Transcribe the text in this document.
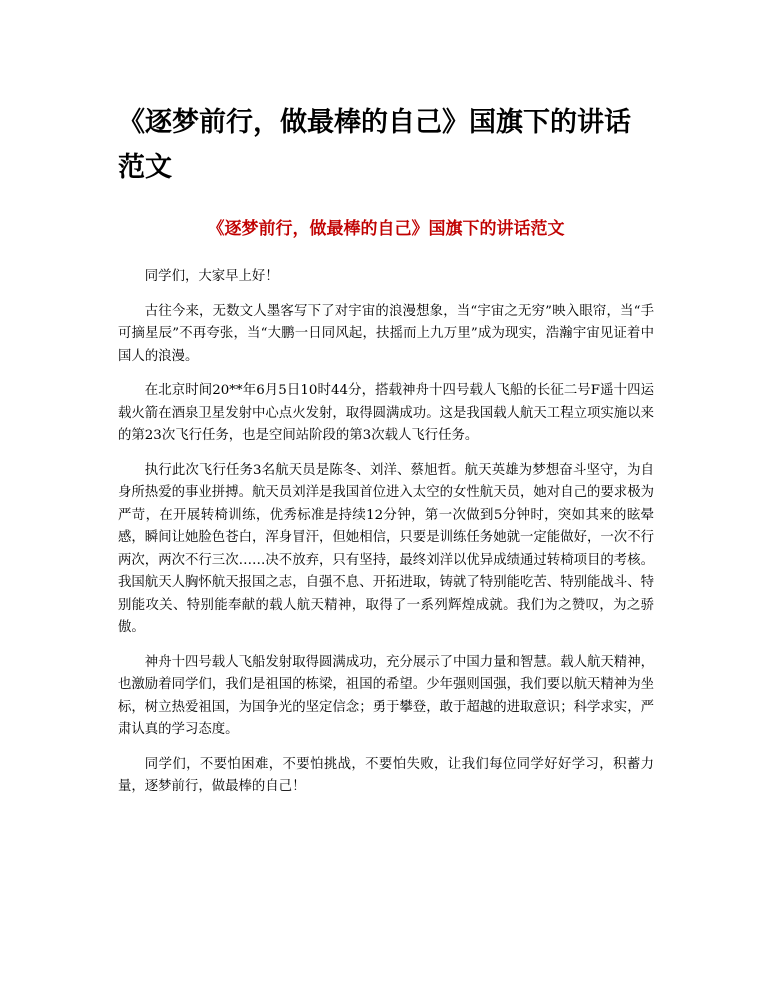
《逐梦前行，做最棒的自己》国旗下的讲话范文
《逐梦前行，做最棒的自己》国旗下的讲话范文

同学们，大家早上好！

古往今来，无数文人墨客写下了对宇宙的浪漫想象，当“宇宙之无穷”映入眼帘，当“手可摘星辰”不再夸张，当“大鹏一日同风起，扶摇而上九万里”成为现实，浩瀚宇宙见证着中国人的浪漫。

在北京时间20**年6月5日10时44分，搭载神舟十四号载人飞船的长征二号F遥十四运载火箭在酒泉卫星发射中心点火发射，取得圆满成功。这是我国载人航天工程立项实施以来的第23次飞行任务，也是空间站阶段的第3次载人飞行任务。

执行此次飞行任务3名航天员是陈冬、刘洋、蔡旭哲。航天英雄为梦想奋斗坚守，为自身所热爱的事业拼搏。航天员刘洋是我国首位进入太空的女性航天员，她对自己的要求极为严苛，在开展转椅训练，优秀标准是持续12分钟，第一次做到5分钟时，突如其来的眩晕感，瞬间让她脸色苍白，浑身冒汗，但她相信，只要是训练任务她就一定能做好，一次不行两次，两次不行三次……决不放弃，只有坚持，最终刘洋以优异成绩通过转椅项目的考核。我国航天人胸怀航天报国之志，自强不息、开拓进取，铸就了特别能吃苦、特别能战斗、特别能攻关、特别能奉献的载人航天精神，取得了一系列辉煌成就。我们为之赞叹，为之骄傲。

神舟十四号载人飞船发射取得圆满成功，充分展示了中国力量和智慧。载人航天精神，也激励着同学们，我们是祖国的栋梁，祖国的希望。少年强则国强，我们要以航天精神为坐标，树立热爱祖国，为国争光的坚定信念；勇于攀登，敢于超越的进取意识；科学求实，严肃认真的学习态度。

同学们，不要怕困难，不要怕挑战，不要怕失败，让我们每位同学好好学习，积蓄力量，逐梦前行，做最棒的自己！
